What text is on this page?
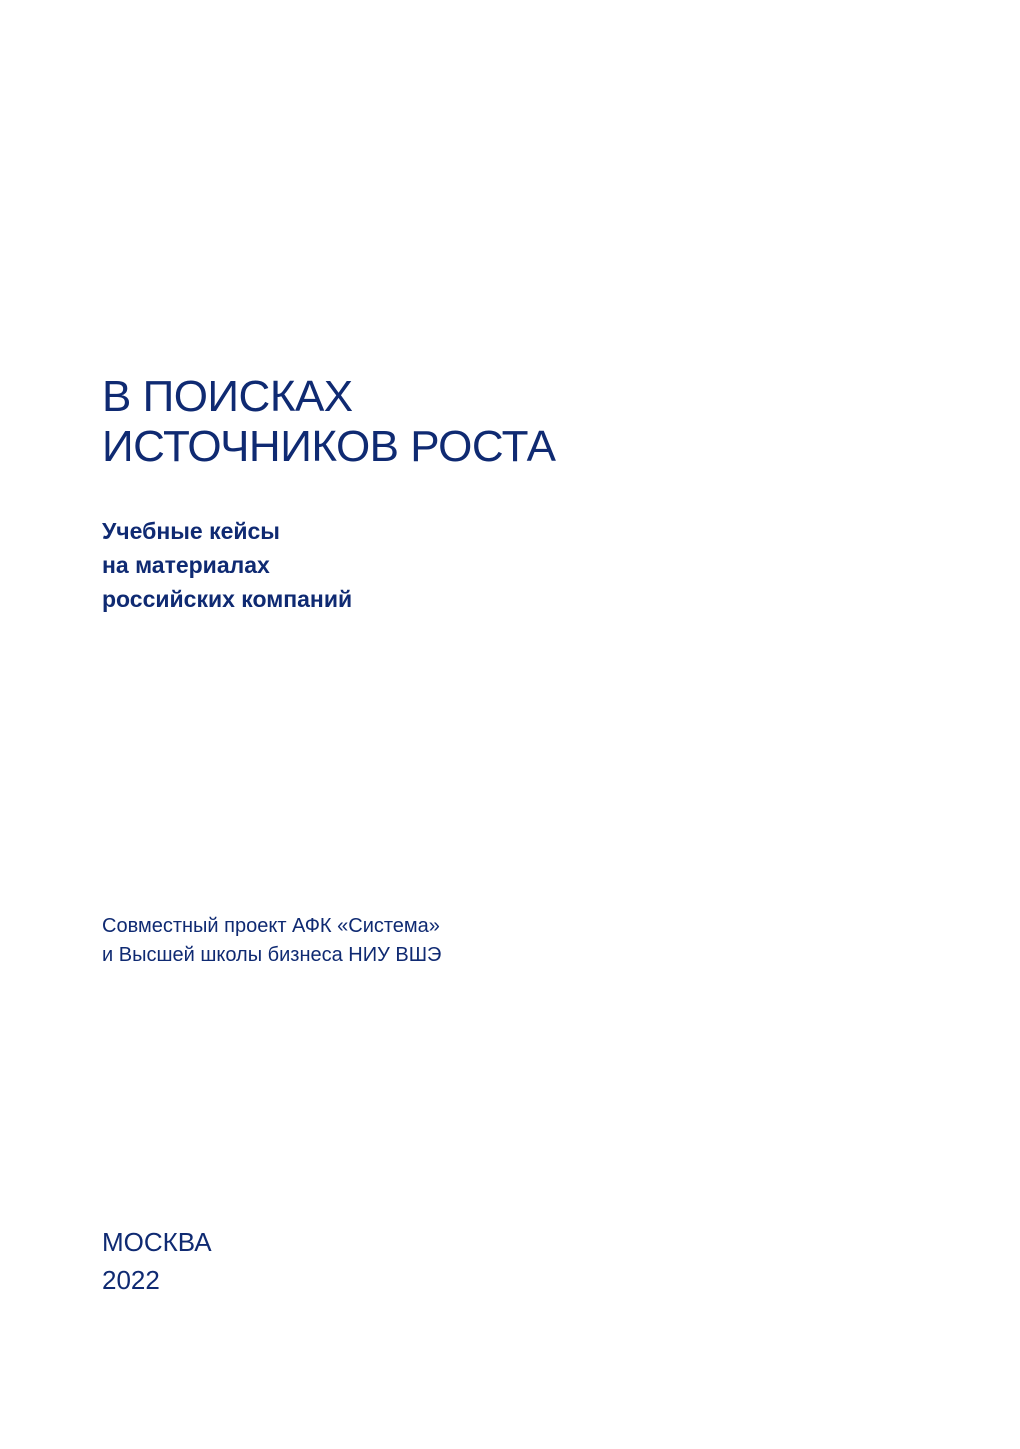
В ПОИСКАХ
ИСТОЧНИКОВ РОСТА
Учебные кейсы
на материалах
российских компаний
Совместный проект АФК «Система»
и Высшей школы бизнеса НИУ ВШЭ
МОСКВА
2022
